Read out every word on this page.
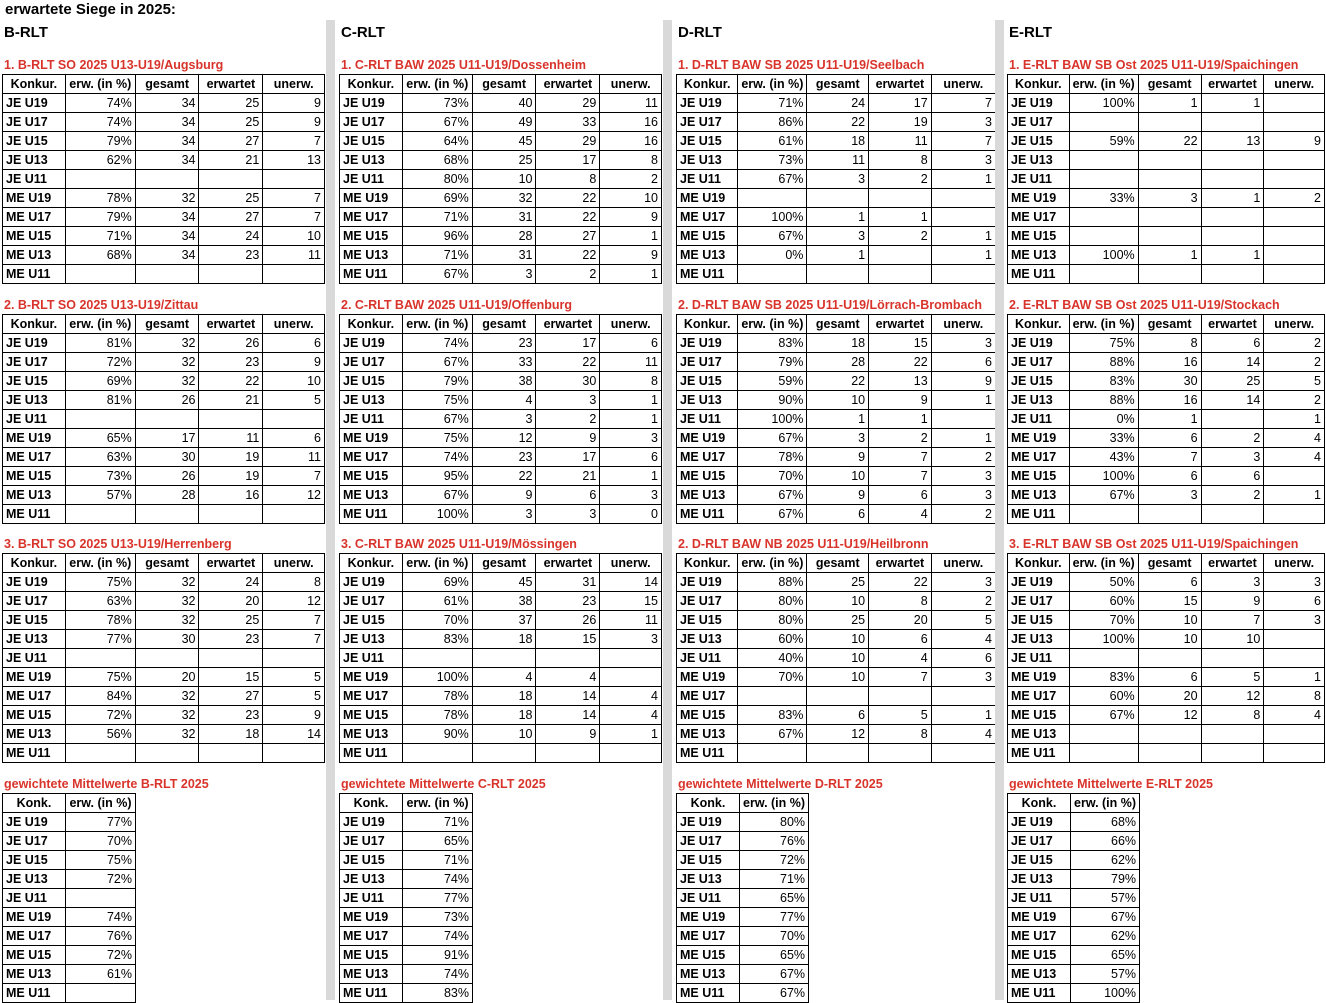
erwartete Siege in 2025:
B-RLT
1. B-RLT SO 2025 U13-U19/Augsburg
Konkur.	erw. (in %)	gesamt	erwartet	unerw.
JE U19	74%	34	25	9
JE U17	74%	34	25	9
JE U15	79%	34	27	7
JE U13	62%	34	21	13
JE U11				
ME U19	78%	32	25	7
ME U17	79%	34	27	7
ME U15	71%	34	24	10
ME U13	68%	34	23	11
ME U11				
2. B-RLT SO 2025 U13-U19/Zittau
Konkur.	erw. (in %)	gesamt	erwartet	unerw.
JE U19	81%	32	26	6
JE U17	72%	32	23	9
JE U15	69%	32	22	10
JE U13	81%	26	21	5
JE U11				
ME U19	65%	17	11	6
ME U17	63%	30	19	11
ME U15	73%	26	19	7
ME U13	57%	28	16	12
ME U11				
3. B-RLT SO 2025 U13-U19/Herrenberg
Konkur.	erw. (in %)	gesamt	erwartet	unerw.
JE U19	75%	32	24	8
JE U17	63%	32	20	12
JE U15	78%	32	25	7
JE U13	77%	30	23	7
JE U11				
ME U19	75%	20	15	5
ME U17	84%	32	27	5
ME U15	72%	32	23	9
ME U13	56%	32	18	14
ME U11				
gewichtete Mittelwerte B-RLT 2025
Konk.	erw. (in %)
JE U19	77%
JE U17	70%
JE U15	75%
JE U13	72%
JE U11	
ME U19	74%
ME U17	76%
ME U15	72%
ME U13	61%
ME U11	
C-RLT
1. C-RLT BAW 2025 U11-U19/Dossenheim
Konkur.	erw. (in %)	gesamt	erwartet	unerw.
JE U19	73%	40	29	11
JE U17	67%	49	33	16
JE U15	64%	45	29	16
JE U13	68%	25	17	8
JE U11	80%	10	8	2
ME U19	69%	32	22	10
ME U17	71%	31	22	9
ME U15	96%	28	27	1
ME U13	71%	31	22	9
ME U11	67%	3	2	1
2. C-RLT BAW 2025 U11-U19/Offenburg
Konkur.	erw. (in %)	gesamt	erwartet	unerw.
JE U19	74%	23	17	6
JE U17	67%	33	22	11
JE U15	79%	38	30	8
JE U13	75%	4	3	1
JE U11	67%	3	2	1
ME U19	75%	12	9	3
ME U17	74%	23	17	6
ME U15	95%	22	21	1
ME U13	67%	9	6	3
ME U11	100%	3	3	0
3. C-RLT BAW 2025 U11-U19/Mössingen
Konkur.	erw. (in %)	gesamt	erwartet	unerw.
JE U19	69%	45	31	14
JE U17	61%	38	23	15
JE U15	70%	37	26	11
JE U13	83%	18	15	3
JE U11				
ME U19	100%	4	4	
ME U17	78%	18	14	4
ME U15	78%	18	14	4
ME U13	90%	10	9	1
ME U11				
gewichtete Mittelwerte C-RLT 2025
Konk.	erw. (in %)
JE U19	71%
JE U17	65%
JE U15	71%
JE U13	74%
JE U11	77%
ME U19	73%
ME U17	74%
ME U15	91%
ME U13	74%
ME U11	83%
D-RLT
1. D-RLT BAW SB 2025 U11-U19/Seelbach
Konkur.	erw. (in %)	gesamt	erwartet	unerw.
JE U19	71%	24	17	7
JE U17	86%	22	19	3
JE U15	61%	18	11	7
JE U13	73%	11	8	3
JE U11	67%	3	2	1
ME U19				
ME U17	100%	1	1	
ME U15	67%	3	2	1
ME U13	0%	1		1
ME U11				
2. D-RLT BAW SB 2025 U11-U19/Lörrach-Brombach
Konkur.	erw. (in %)	gesamt	erwartet	unerw.
JE U19	83%	18	15	3
JE U17	79%	28	22	6
JE U15	59%	22	13	9
JE U13	90%	10	9	1
JE U11	100%	1	1	
ME U19	67%	3	2	1
ME U17	78%	9	7	2
ME U15	70%	10	7	3
ME U13	67%	9	6	3
ME U11	67%	6	4	2
2. D-RLT BAW NB 2025 U11-U19/Heilbronn
Konkur.	erw. (in %)	gesamt	erwartet	unerw.
JE U19	88%	25	22	3
JE U17	80%	10	8	2
JE U15	80%	25	20	5
JE U13	60%	10	6	4
JE U11	40%	10	4	6
ME U19	70%	10	7	3
ME U17				
ME U15	83%	6	5	1
ME U13	67%	12	8	4
ME U11				
gewichtete Mittelwerte D-RLT 2025
Konk.	erw. (in %)
JE U19	80%
JE U17	76%
JE U15	72%
JE U13	71%
JE U11	65%
ME U19	77%
ME U17	70%
ME U15	65%
ME U13	67%
ME U11	67%
E-RLT
1. E-RLT BAW SB Ost 2025 U11-U19/Spaichingen
Konkur.	erw. (in %)	gesamt	erwartet	unerw.
JE U19	100%	1	1	
JE U17				
JE U15	59%	22	13	9
JE U13				
JE U11				
ME U19	33%	3	1	2
ME U17				
ME U15				
ME U13	100%	1	1	
ME U11				
2. E-RLT BAW SB Ost 2025 U11-U19/Stockach
Konkur.	erw. (in %)	gesamt	erwartet	unerw.
JE U19	75%	8	6	2
JE U17	88%	16	14	2
JE U15	83%	30	25	5
JE U13	88%	16	14	2
JE U11	0%	1		1
ME U19	33%	6	2	4
ME U17	43%	7	3	4
ME U15	100%	6	6	
ME U13	67%	3	2	1
ME U11				
3. E-RLT BAW SB Ost 2025 U11-U19/Spaichingen
Konkur.	erw. (in %)	gesamt	erwartet	unerw.
JE U19	50%	6	3	3
JE U17	60%	15	9	6
JE U15	70%	10	7	3
JE U13	100%	10	10	
JE U11				
ME U19	83%	6	5	1
ME U17	60%	20	12	8
ME U15	67%	12	8	4
ME U13				
ME U11				
gewichtete Mittelwerte E-RLT 2025
Konk.	erw. (in %)
JE U19	68%
JE U17	66%
JE U15	62%
JE U13	79%
JE U11	57%
ME U19	67%
ME U17	62%
ME U15	65%
ME U13	57%
ME U11	100%
